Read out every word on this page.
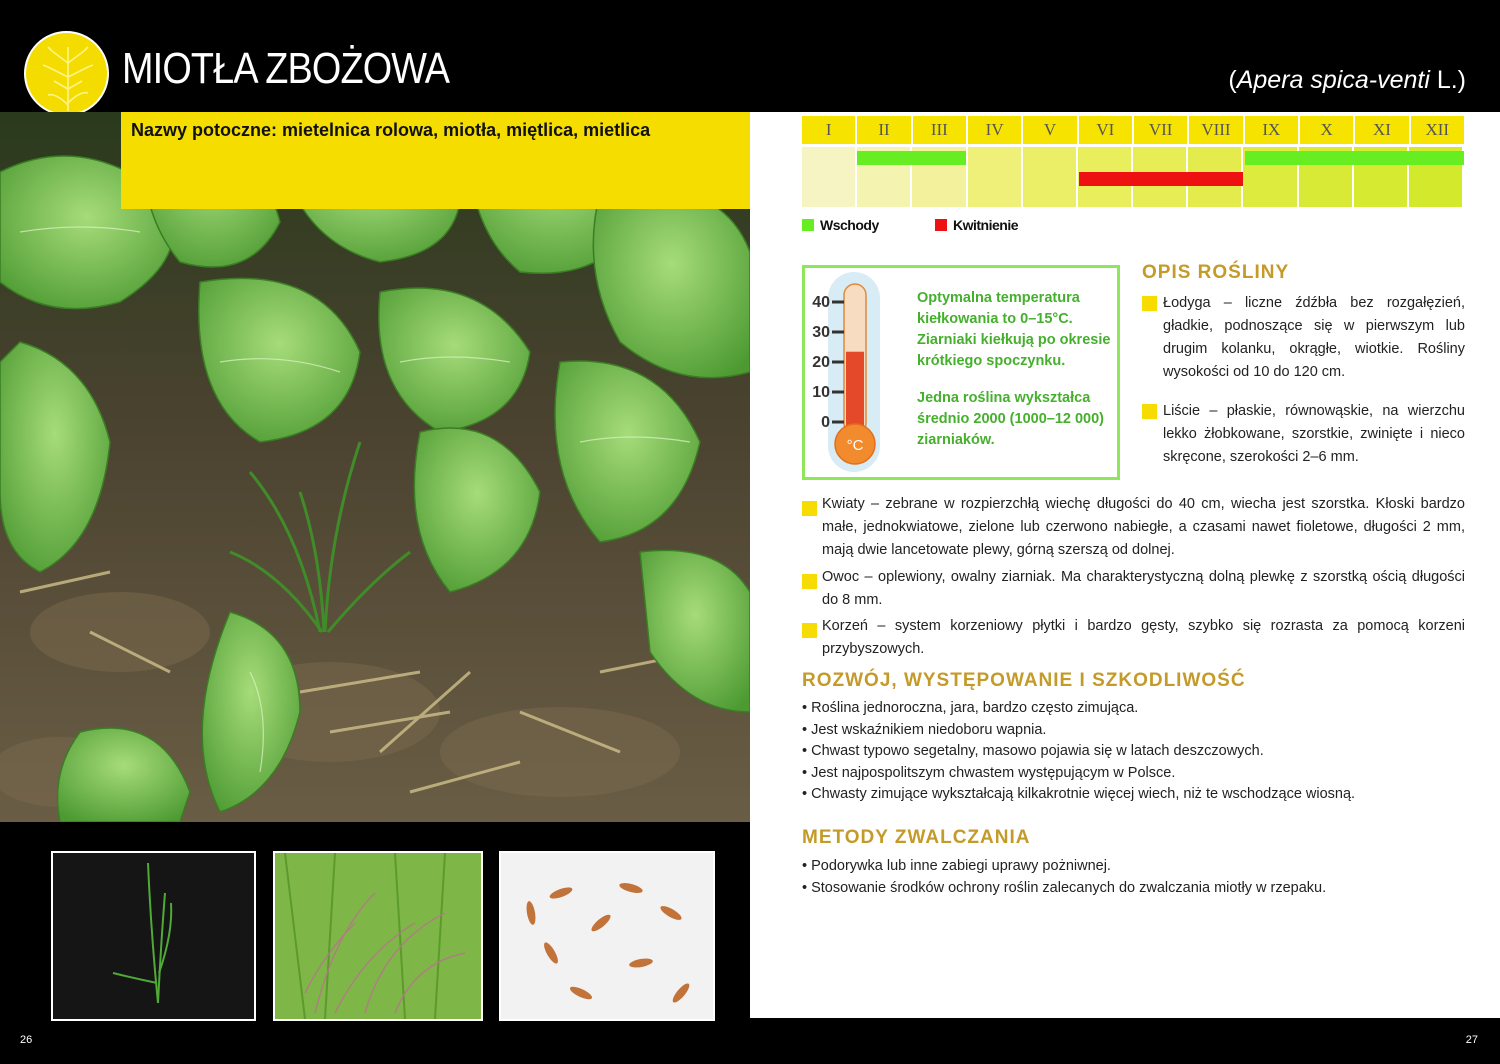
MIOTŁA ZBOŻOWA	(Apera spica-venti L.)
Nazwy potoczne: mietelnica rolowa, miotła, miętlica, mietlica
26
I	II	III	IV	V	VI	VII	VIII	IX	X	XI	XII
Wschody	Kwitnienie
40
30
20
10
0
°C

Optymalna temperatura kiełkowania to 0–15°C. Ziarniaki kiełkują po okresie krótkiego spoczynku.

Jedna roślina wykształca średnio 2000 (1000–12 000) ziarniaków.

OPIS ROŚLINY
Łodyga – liczne źdźbła bez rozgałęzień, gładkie, podnoszące się w pierwszym lub drugim kolanku, okrągłe, wiotkie. Rośliny wysokości od 10 do 120 cm.
Liście – płaskie, równowąskie, na wierzchu lekko żłobkowane, szorstkie, zwinięte i nieco skręcone, szerokości 2–6 mm.
Kwiaty – zebrane w rozpierzchłą wiechę długości do 40 cm, wiecha jest szorstka. Kłoski bardzo małe, jednokwiatowe, zielone lub czerwono nabiegłe, a czasami nawet fioletowe, długości 2 mm, mają dwie lancetowate plewy, górną szerszą od dolnej.
Owoc – oplewiony, owalny ziarniak. Ma charakterystyczną dolną plewkę z szorstką ością długości do 8 mm.
Korzeń – system korzeniowy płytki i bardzo gęsty, szybko się rozrasta za pomocą korzeni przybyszowych.
ROZWÓJ, WYSTĘPOWANIE I SZKODLIWOŚĆ
• Roślina jednoroczna, jara, bardzo często zimująca.
• Jest wskaźnikiem niedoboru wapnia.
• Chwast typowo segetalny, masowo pojawia się w latach deszczowych.
• Jest najpospolitszym chwastem występującym w Polsce.
• Chwasty zimujące wykształcają kilkakrotnie więcej wiech, niż te wschodzące wiosną.
METODY ZWALCZANIA
• Podorywka lub inne zabiegi uprawy pożniwnej.
• Stosowanie środków ochrony roślin zalecanych do zwalczania miotły w rzepaku.
27
